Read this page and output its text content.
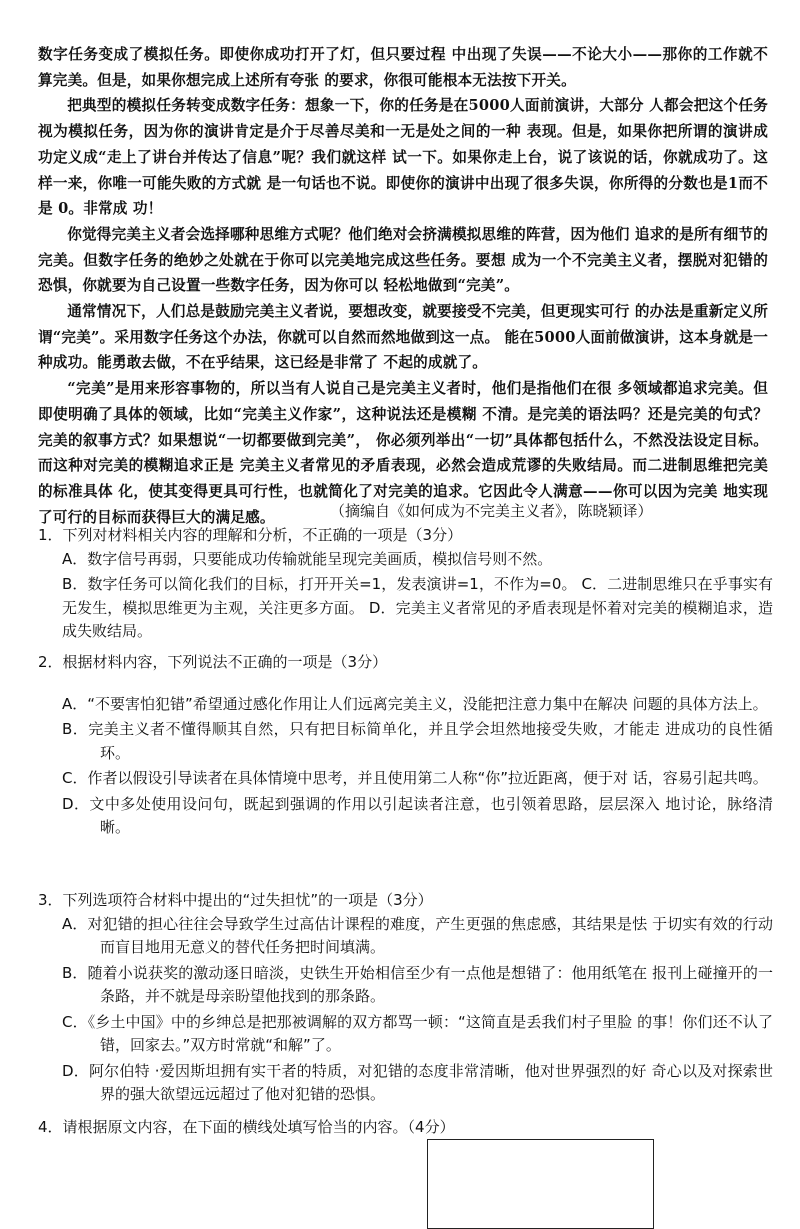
数字任务变成了模拟任务。即使你成功打开了灯，但只要过程 中出现了失误——不论大小——那你的工作就不算完美。但是，如果你想完成上述所有夸张 的要求，你很可能根本无法按下开关。

把典型的模拟任务转变成数字任务：想象一下，你的任务是在5000人面前演讲，大部分 人都会把这个任务视为模拟任务，因为你的演讲肯定是介于尽善尽美和一无是处之间的一种 表现。但是，如果你把所谓的演讲成功定义成“走上了讲台并传达了信息”呢？我们就这样 试一下。如果你走上台，说了该说的话，你就成功了。这样一来，你唯一可能失败的方式就 是一句话也不说。即使你的演讲中出现了很多失误，你所得的分数也是1而不是 0。非常成 功！

你觉得完美主义者会选择哪种思维方式呢？他们绝对会挤满模拟思维的阵营，因为他们 追求的是所有细节的完美。但数字任务的绝妙之处就在于你可以完美地完成这些任务。要想 成为一个不完美主义者，摆脱对犯错的恐惧，你就要为自己设置一些数字任务，因为你可以 轻松地做到“完美”。

通常情况下，人们总是鼓励完美主义者说，要想改变，就要接受不完美，但更现实可行 的办法是重新定义所谓“完美”。采用数字任务这个办法，你就可以自然而然地做到这一点。 能在5000人面前做演讲，这本身就是一种成功。能勇敢去做，不在乎结果，这已经是非常了 不起的成就了。

“完美”是用来形容事物的，所以当有人说自己是完美主义者时，他们是指他们在很 多领域都追求完美。但即使明确了具体的领域，比如“完美主义作家”，这种说法还是模糊 不清。是完美的语法吗？还是完美的句式？完美的叙事方式？如果想说“一切都要做到完美”， 你必须列举出“一切”具体都包括什么，不然没法设定目标。而这种对完美的模糊追求正是 完美主义者常见的矛盾表现，必然会造成荒谬的失败结局。而二进制思维把完美的标准具体 化，使其变得更具可行性，也就简化了对完美的追求。它因此令人满意——你可以因为完美 地实现了可行的目标而获得巨大的满足感。	（摘编自《如何成为不完美主义者》，陈晓颖译）

1．下列对材料相关内容的理解和分析，不正确的一项是（3分）

A．数字信号再弱，只要能成功传输就能呈现完美画质，模拟信号则不然。

B．数字任务可以简化我们的目标，打开开关=1，发表演讲=1，不作为=0。 C．二进制思维只在乎事实有无发生，模拟思维更为主观，关注更多方面。 D．完美主义者常见的矛盾表现是怀着对完美的模糊追求，造成失败结局。

2．根据材料内容，下列说法不正确的一项是（3分）

A．“不要害怕犯错”希望通过感化作用让人们远离完美主义，没能把注意力集中在解决 问题的具体方法上。

B．完美主义者不懂得顺其自然，只有把目标简单化，并且学会坦然地接受失败，才能走 进成功的良性循环。

C．作者以假设引导读者在具体情境中思考，并且使用第二人称“你”拉近距离，便于对 话，容易引起共鸣。

D．文中多处使用设问句，既起到强调的作用以引起读者注意，也引领着思路，层层深入 地讨论，脉络清晰。

3．下列选项符合材料中提出的“过失担忧”的一项是（3分）

A．对犯错的担心往往会导致学生过高估计课程的难度，产生更强的焦虑感，其结果是怯 于切实有效的行动而盲目地用无意义的替代任务把时间填满。

B．随着小说获奖的激动逐日暗淡，史铁生开始相信至少有一点他是想错了：他用纸笔在 报刊上碰撞开的一条路，并不就是母亲盼望他找到的那条路。

C．《乡土中国》中的乡绅总是把那被调解的双方都骂一顿：“这简直是丢我们村子里脸 的事！你们还不认了错，回家去。”双方时常就“和解”了。

D．阿尔伯特 ·爱因斯坦拥有实干者的特质，对犯错的态度非常清晰，他对世界强烈的好 奇心以及对探索世界的强大欲望远远超过了他对犯错的恐惧。

4．请根据原文内容，在下面的横线处填写恰当的内容。（4分）
